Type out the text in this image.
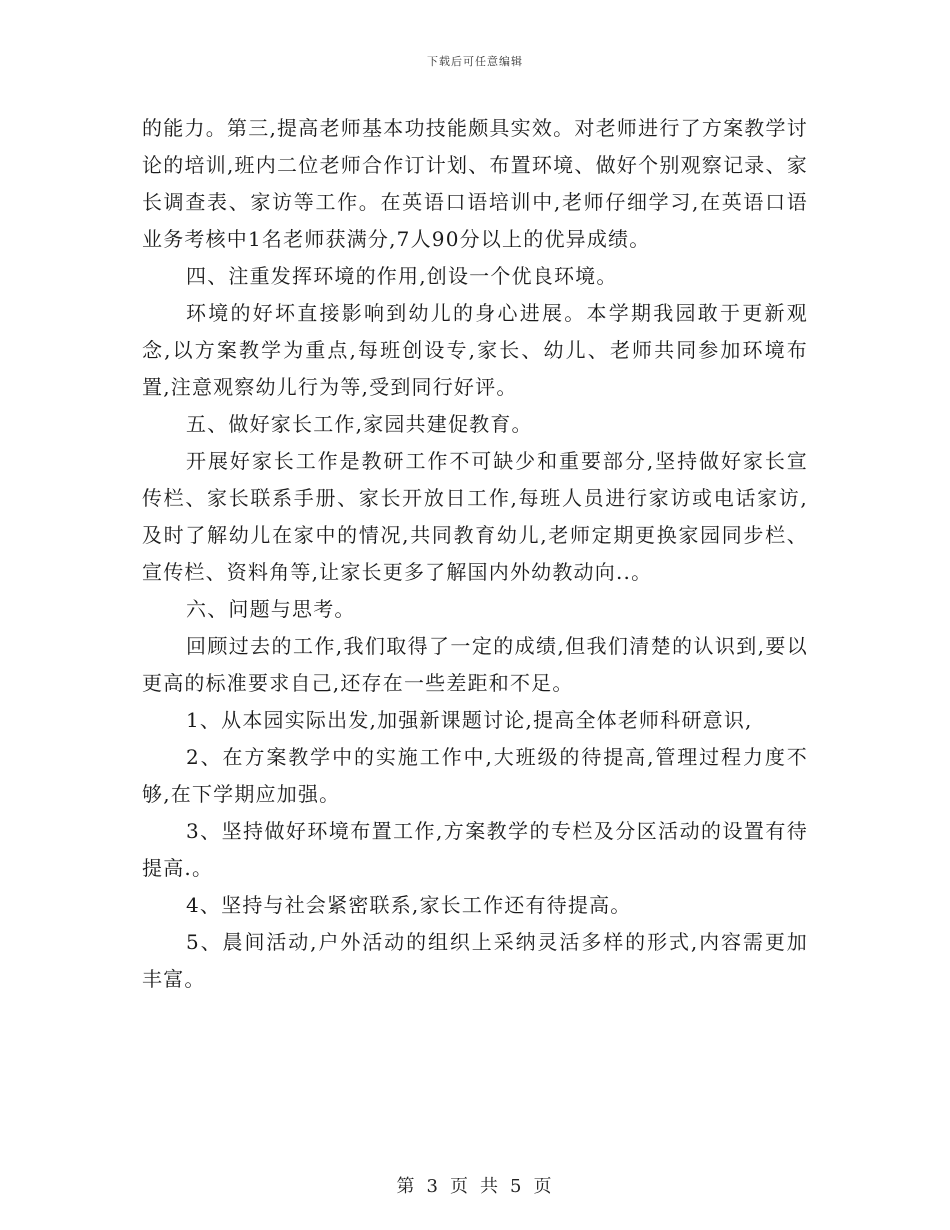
下载后可任意编辑

的能力。第三,提高老师基本功技能颇具实效。对老师进行了方案教学讨论的培训,班内二位老师合作订计划、布置环境、做好个别观察记录、家长调查表、家访等工作。在英语口语培训中,老师仔细学习,在英语口语业务考核中1名老师获满分,7人90分以上的优异成绩。

四、注重发挥环境的作用,创设一个优良环境。

环境的好坏直接影响到幼儿的身心进展。本学期我园敢于更新观念,以方案教学为重点,每班创设专,家长、幼儿、老师共同参加环境布置,注意观察幼儿行为等,受到同行好评。

五、做好家长工作,家园共建促教育。

开展好家长工作是教研工作不可缺少和重要部分,坚持做好家长宣传栏、家长联系手册、家长开放日工作,每班人员进行家访或电话家访,及时了解幼儿在家中的情况,共同教育幼儿,老师定期更换家园同步栏、宣传栏、资料角等,让家长更多了解国内外幼教动向..。

六、问题与思考。

回顾过去的工作,我们取得了一定的成绩,但我们清楚的认识到,要以更高的标准要求自己,还存在一些差距和不足。

1、从本园实际出发,加强新课题讨论,提高全体老师科研意识,

2、在方案教学中的实施工作中,大班级的待提高,管理过程力度不够,在下学期应加强。

3、坚持做好环境布置工作,方案教学的专栏及分区活动的设置有待提高.。

4、坚持与社会紧密联系,家长工作还有待提高。

5、晨间活动,户外活动的组织上采纳灵活多样的形式,内容需更加丰富。

第 3 页 共 5 页
